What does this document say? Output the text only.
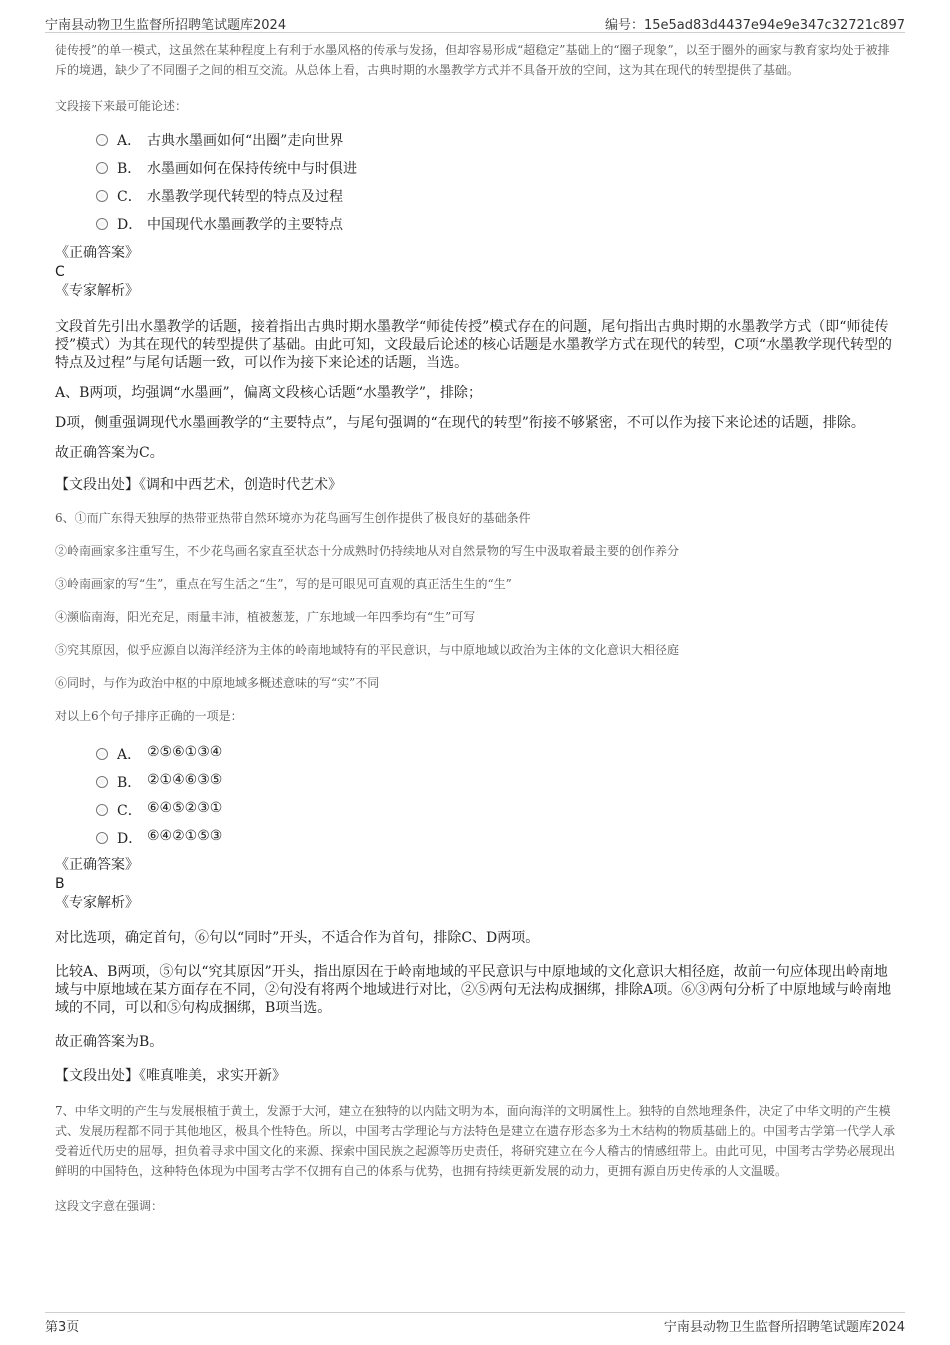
宁南县动物卫生监督所招聘笔试题库2024	编号：15e5ad83d4437e94e9e347c32721c897

徒传授”的单一模式，这虽然在某种程度上有利于水墨风格的传承与发扬，但却容易形成“超稳定”基础上的“圈子现象”，以至于圈外的画家与教育家均处于被排斥的境遇，缺少了不同圈子之间的相互交流。从总体上看，古典时期的水墨教学方式并不具备开放的空间，这为其在现代的转型提供了基础。

文段接下来最可能论述：

A． 古典水墨画如何“出圈”走向世界
B． 水墨画如何在保持传统中与时俱进
C． 水墨教学现代转型的特点及过程
D． 中国现代水墨画教学的主要特点

《正确答案》

C

《专家解析》

文段首先引出水墨教学的话题，接着指出古典时期水墨教学“师徒传授”模式存在的问题，尾句指出古典时期的水墨教学方式（即“师徒传授”模式）为其在现代的转型提供了基础。由此可知，文段最后论述的核心话题是水墨教学方式在现代的转型，C项“水墨教学现代转型的特点及过程”与尾句话题一致，可以作为接下来论述的话题，当选。

A、B两项，均强调“水墨画”，偏离文段核心话题“水墨教学”，排除；

D项，侧重强调现代水墨画教学的“主要特点”，与尾句强调的“在现代的转型”衔接不够紧密，不可以作为接下来论述的话题，排除。

故正确答案为C。

【文段出处】《调和中西艺术，创造时代艺术》

6、①而广东得天独厚的热带亚热带自然环境亦为花鸟画写生创作提供了极良好的基础条件

②岭南画家多注重写生，不少花鸟画名家直至状态十分成熟时仍持续地从对自然景物的写生中汲取着最主要的创作养分

③岭南画家的写“生”，重点在写生活之“生”，写的是可眼见可直观的真正活生生的“生”

④濒临南海，阳光充足，雨量丰沛，植被葱茏，广东地域一年四季均有“生”可写

⑤究其原因，似乎应源自以海洋经济为主体的岭南地域特有的平民意识，与中原地域以政治为主体的文化意识大相径庭

⑥同时，与作为政治中枢的中原地域多概述意味的写“实”不同

对以上6个句子排序正确的一项是：

A． ②⑤⑥①③④
B． ②①④⑥③⑤
C． ⑥④⑤②③①
D． ⑥④②①⑤③

《正确答案》

B

《专家解析》

对比选项，确定首句，⑥句以“同时”开头，不适合作为首句，排除C、D两项。

比较A、B两项，⑤句以“究其原因”开头，指出原因在于岭南地域的平民意识与中原地域的文化意识大相径庭，故前一句应体现出岭南地域与中原地域在某方面存在不同，②句没有将两个地域进行对比，②⑤两句无法构成捆绑，排除A项。⑥③两句分析了中原地域与岭南地域的不同，可以和⑤句构成捆绑，B项当选。

故正确答案为B。

【文段出处】《唯真唯美，求实开新》

7、中华文明的产生与发展根植于黄土，发源于大河，建立在独特的以内陆文明为本，面向海洋的文明属性上。独特的自然地理条件，决定了中华文明的产生模式、发展历程都不同于其他地区，极具个性特色。所以，中国考古学理论与方法特色是建立在遗存形态多为土木结构的物质基础上的。中国考古学第一代学人承受着近代历史的屈辱，担负着寻求中国文化的来源、探索中国民族之起源等历史责任，将研究建立在今人稽古的情感纽带上。由此可见，中国考古学势必展现出鲜明的中国特色，这种特色体现为中国考古学不仅拥有自己的体系与优势，也拥有持续更新发展的动力，更拥有源自历史传承的人文温暖。

这段文字意在强调：

第3页	宁南县动物卫生监督所招聘笔试题库2024
